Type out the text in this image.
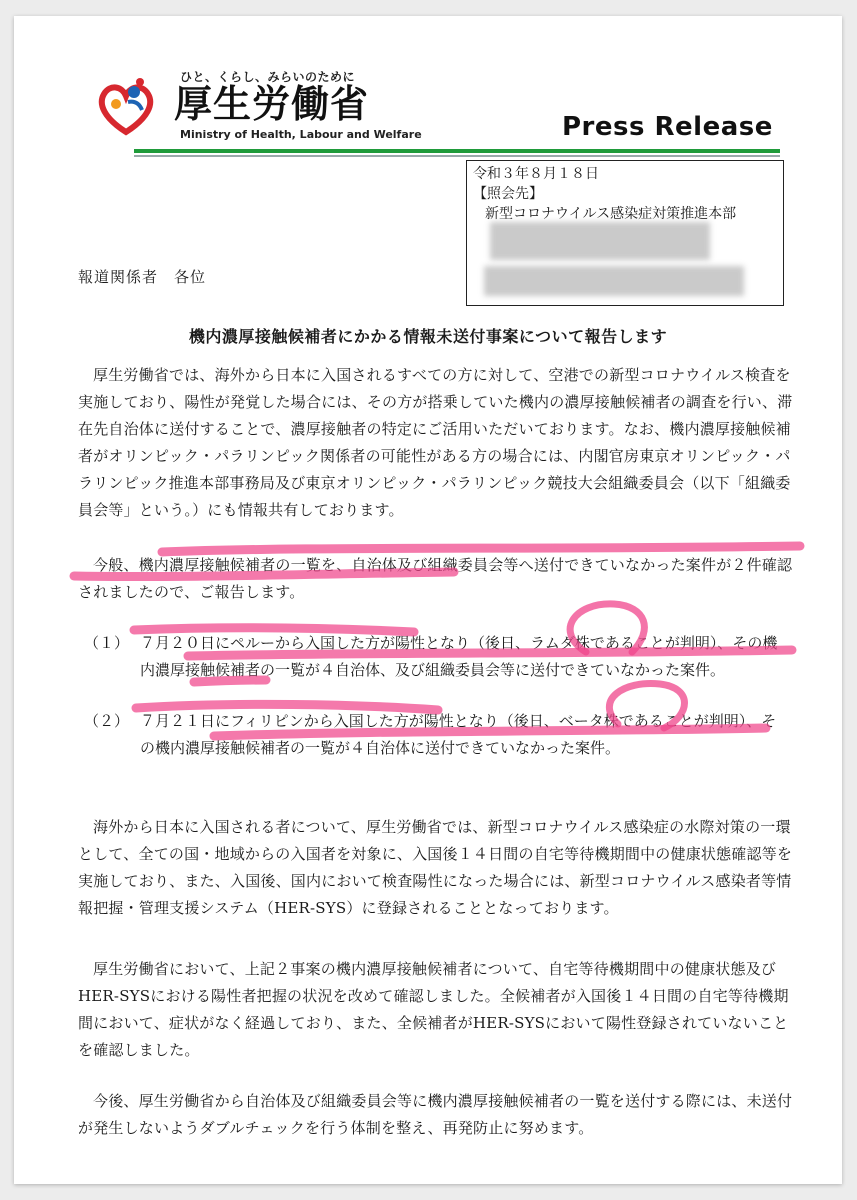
ひと、くらし、みらいのために
厚生労働省
Ministry of Health, Labour and Welfare	Press Release
令和３年８月１８日
【照会先】
新型コロナウイルス感染症対策推進本部
報道関係者　各位
機内濃厚接触候補者にかかる情報未送付事案について報告します
厚生労働省では、海外から日本に入国されるすべての方に対して、空港での新型コロナウイルス検査を実施しており、陽性が発覚した場合には、その方が搭乗していた機内の濃厚接触候補者の調査を行い、滞在先自治体に送付することで、濃厚接触者の特定にご活用いただいております。なお、機内濃厚接触候補者がオリンピック・パラリンピック関係者の可能性がある方の場合には、内閣官房東京オリンピック・パラリンピック推進本部事務局及び東京オリンピック・パラリンピック競技大会組織委員会（以下「組織委員会等」という。）にも情報共有しております。
今般、機内濃厚接触候補者の一覧を、自治体及び組織委員会等へ送付できていなかった案件が２件確認されましたので、ご報告します。
（１） ７月２０日にペルーから入国した方が陽性となり（後日、ラムダ株であることが判明）、その機内濃厚接触候補者の一覧が４自治体、及び組織委員会等に送付できていなかった案件。
（２） ７月２１日にフィリピンから入国した方が陽性となり（後日、ベータ株であることが判明）、その機内濃厚接触候補者の一覧が４自治体に送付できていなかった案件。
海外から日本に入国される者について、厚生労働省では、新型コロナウイルス感染症の水際対策の一環として、全ての国・地域からの入国者を対象に、入国後１４日間の自宅等待機期間中の健康状態確認等を実施しており、また、入国後、国内において検査陽性になった場合には、新型コロナウイルス感染者等情報把握・管理支援システム（HER-SYS）に登録されることとなっております。
厚生労働省において、上記２事案の機内濃厚接触候補者について、自宅等待機期間中の健康状態及びHER-SYSにおける陽性者把握の状況を改めて確認しました。全候補者が入国後１４日間の自宅等待機期間において、症状がなく経過しており、また、全候補者がHER-SYSにおいて陽性登録されていないことを確認しました。
今後、厚生労働省から自治体及び組織委員会等に機内濃厚接触候補者の一覧を送付する際には、未送付が発生しないようダブルチェックを行う体制を整え、再発防止に努めます。
